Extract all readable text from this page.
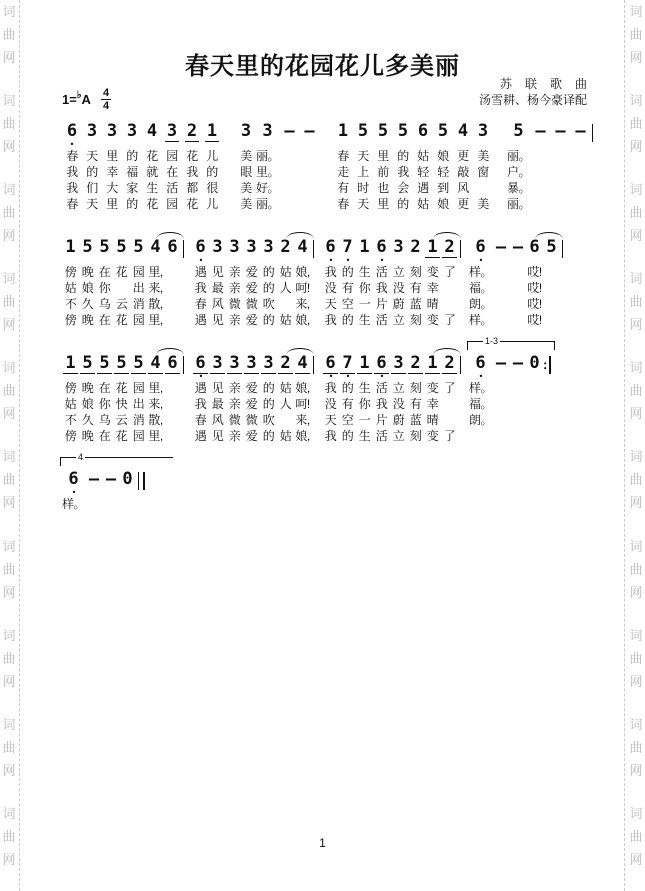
词
曲
网
词
曲
网
词
曲
网
词
曲
网
词
曲
网
词
曲
网
词
曲
网
词
曲
网
词
曲
网
词
曲
网
词
曲
网
词
曲
网
词
曲
网
词
曲
网
词
曲
网
词
曲
网
词
曲
网
词
曲
网
词
曲
网
词
曲
网
春天里的花园花儿多美丽
苏联歌曲
汤雪耕、杨今豪译配
1= ♭ A 4
4
6 ●
春
我
我
春
3
天
的
们
天
3
里
幸
大
里
3
的
福
家
的
4
花
就
生
花
3
园
在
活
园
2
花
我
都
花
1
儿
的
很
儿
3
美
眼
美
美
3
丽。
里。
好。
丽。
— — 1
春
走
有
春
5
天
上
时
天
5
里
前
也
里
5
的
我
会
的
6
姑
轻
遇
姑
5
娘
轻
到
娘
4
更
敲
风
更
3
美
窗
美
5
丽。
户。
暴。
丽。
— — —
1
傍
姑
不
傍
5
晚
娘
久
晚
5
在
你
乌
在
5
花
云
花
5
园
出
消
园
4
里,
来,
散,
里,
6 6 ●
遇
我
春
遇
3
见
最
风
见
3
亲
亲
微
亲
3
爱
爱
微
爱
3
的
的
吹
的
2
姑
人
姑
4
娘,
呵!
来,
娘,
6 ●
我
没
天
我
7 ●
的
有
空
的
1
生
你
一
生
6 ●
活
我
片
活
3
立
没
蔚
立
2
刻
有
蓝
刻
1
变
幸
晴
变
2
了
了
6 ●
样。
福。
朗。
样。
— — 6
哎!
哎!
哎!
哎!
5
1
傍
姑
不
傍
5
晚
娘
久
晚
5
在
你
乌
在
5
花
快
云
花
5
园
出
消
园
4
里,
来,
散,
里,
6 6 ●
遇
我
春
遇
3
见
最
风
见
3
亲
亲
微
亲
3
爱
爱
微
爱
3
的
的
吹
的
2
姑
人
姑
4
娘,
呵!
来,
娘,
6 ●
我
没
天
我
7 ●
的
有
空
的
1
生
你
一
生
6 ●
活
我
片
活
3
立
没
蔚
立
2
刻
有
蓝
刻
1
变
幸
晴
变
2
了
了
1-3
6 ●
样。
福。
朗。
— — 0 :
4
6 ●
样。
— — 0
1
